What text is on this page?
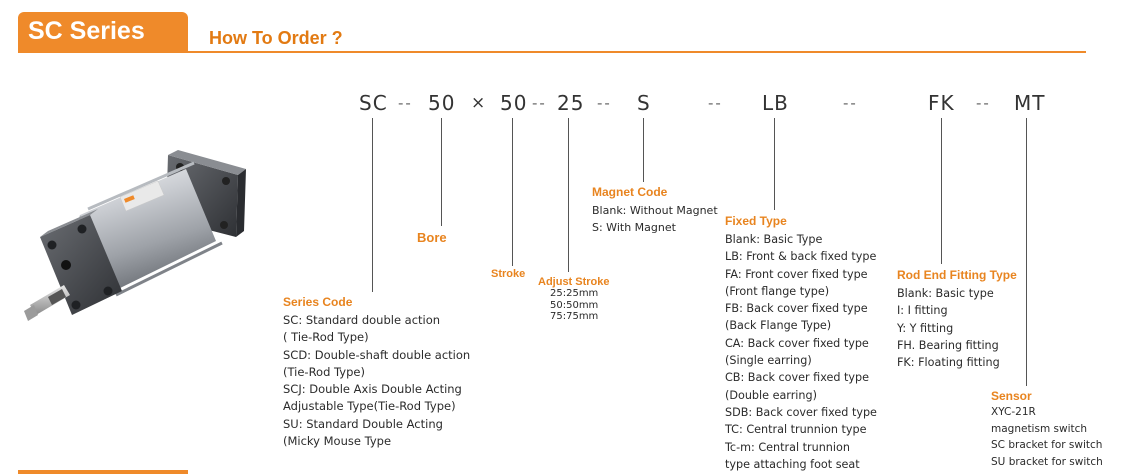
SC Series	How To Order ?
SC -- 50 × 50 -- 25 -- S	-- LB	--	FK -- MT
Series Code
SC: Standard double action
( Tie-Rod Type)
SCD: Double-shaft double action
(Tie-Rod Type)
SCJ: Double Axis Double Acting
Adjustable Type(Tie-Rod Type)
SU: Standard Double Acting
(Micky Mouse Type
Bore
Stroke
Adjust Stroke
25:25mm
50:50mm
75:75mm
Magnet Code
Blank: Without Magnet
S: With Magnet	Fixed Type
Blank: Basic Type
LB: Front & back fixed type
FA: Front cover fixed type
(Front flange type)
FB: Back cover fixed type
(Back Flange Type)
CA: Back cover fixed type
(Single earring)
CB: Back cover fixed type
(Double earring)
SDB: Back cover fixed type
TC: Central trunnion type
Tc-m: Central trunnion
type attaching foot seat
Rod End Fitting Type
Blank: Basic type
I: I fitting
Y: Y fitting
FH. Bearing fitting
FK: Floating fitting
Sensor
XYC-21R
magnetism switch
SC bracket for switch
SU bracket for switch
